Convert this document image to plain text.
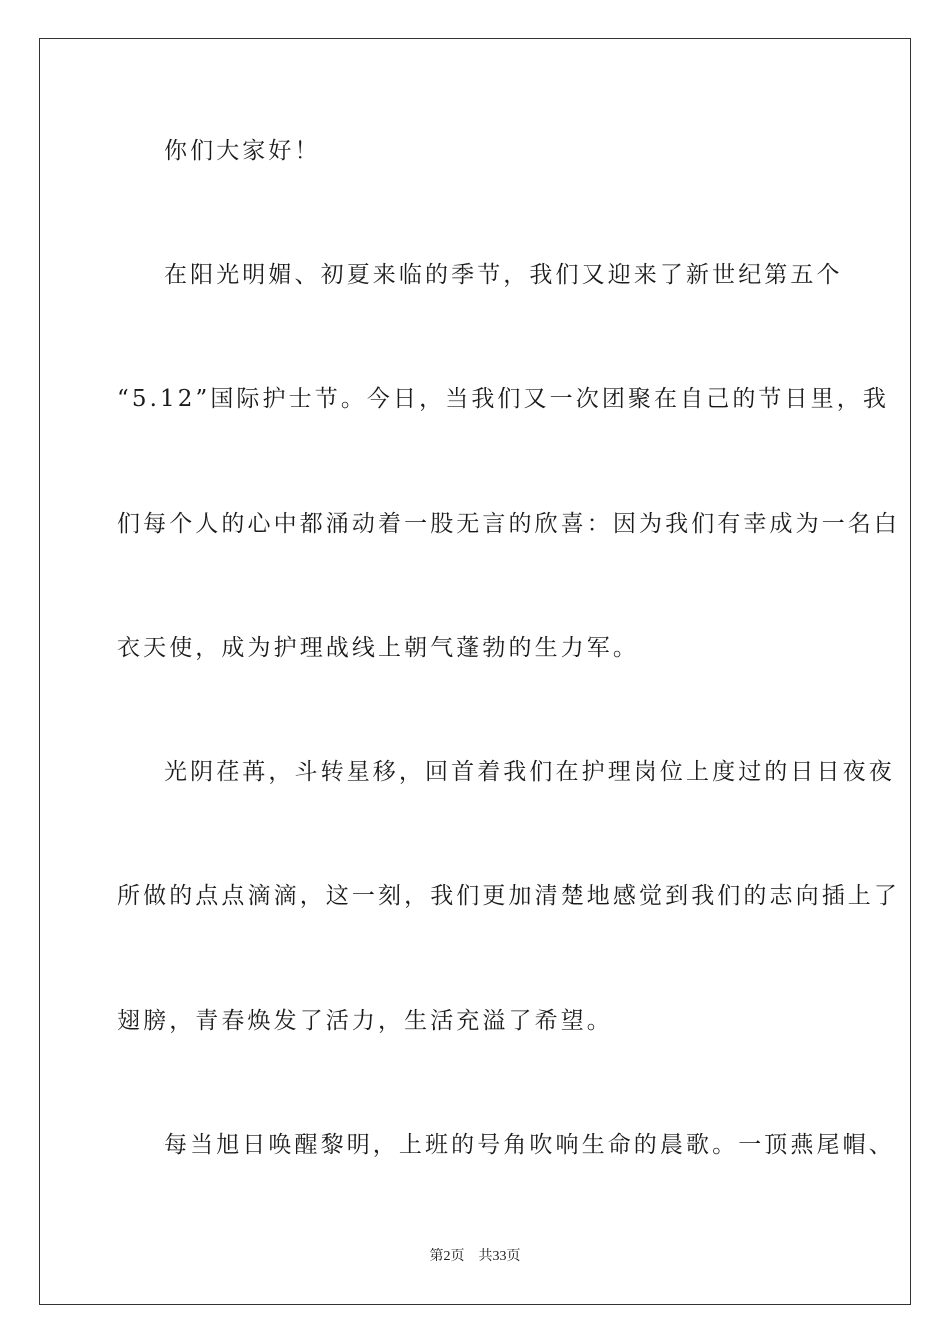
你们大家好！
在阳光明媚、初夏来临的季节，我们又迎来了新世纪第五个
“5.12”国际护士节。今日，当我们又一次团聚在自己的节日里，我
们每个人的心中都涌动着一股无言的欣喜：因为我们有幸成为一名白
衣天使，成为护理战线上朝气蓬勃的生力军。
光阴荏苒，斗转星移，回首着我们在护理岗位上度过的日日夜夜
所做的点点滴滴，这一刻，我们更加清楚地感觉到我们的志向插上了
翅膀，青春焕发了活力，生活充溢了希望。
每当旭日唤醒黎明，上班的号角吹响生命的晨歌。一顶燕尾帽、
第2页 共33页
